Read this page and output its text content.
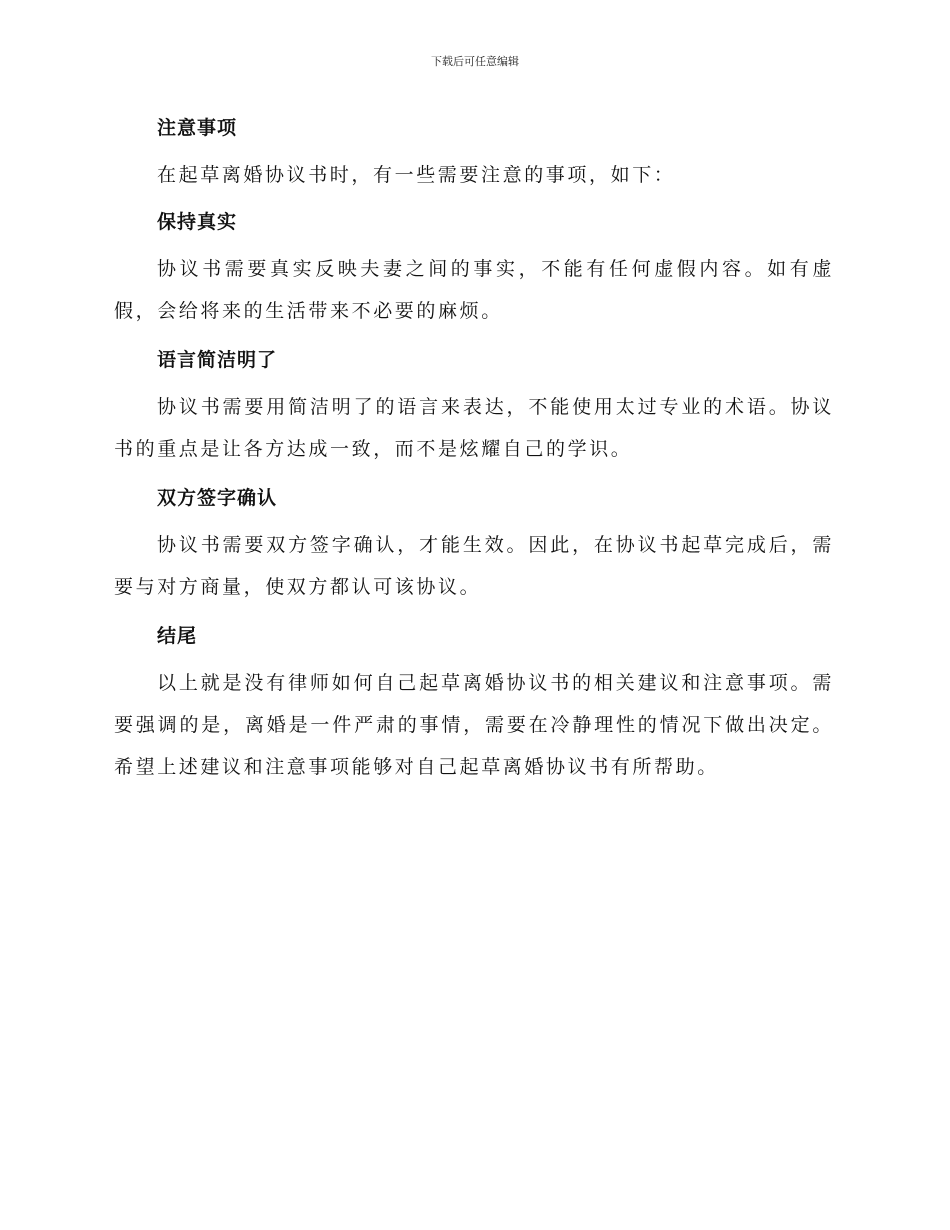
下载后可任意编辑
注意事项

在起草离婚协议书时，有一些需要注意的事项，如下：

保持真实

协议书需要真实反映夫妻之间的事实，不能有任何虚假内容。如有虚假，会给将来的生活带来不必要的麻烦。

语言简洁明了

协议书需要用简洁明了的语言来表达，不能使用太过专业的术语。协议书的重点是让各方达成一致，而不是炫耀自己的学识。

双方签字确认

协议书需要双方签字确认，才能生效。因此，在协议书起草完成后，需要与对方商量，使双方都认可该协议。

结尾

以上就是没有律师如何自己起草离婚协议书的相关建议和注意事项。需要强调的是，离婚是一件严肃的事情，需要在冷静理性的情况下做出决定。希望上述建议和注意事项能够对自己起草离婚协议书有所帮助。
